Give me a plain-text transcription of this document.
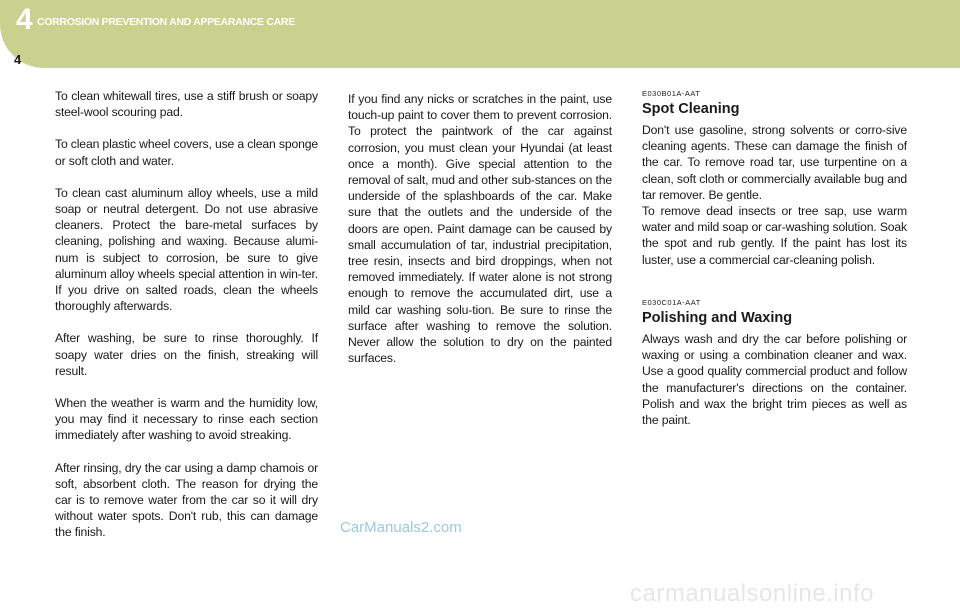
4 CORROSION PREVENTION AND APPEARANCE CARE
4

To clean whitewall tires, use a stiff brush or soapy steel-wool scouring pad.

To clean plastic wheel covers, use a clean sponge or soft cloth and water.

To clean cast aluminum alloy wheels, use a mild soap or neutral detergent. Do not use abrasive cleaners. Protect the bare-metal surfaces by cleaning, polishing and waxing. Because alumi-num is subject to corrosion, be sure to give aluminum alloy wheels special attention in win-ter. If you drive on salted roads, clean the wheels thoroughly afterwards.

After washing, be sure to rinse thoroughly. If soapy water dries on the finish, streaking will result.

When the weather is warm and the humidity low, you may find it necessary to rinse each section immediately after washing to avoid streaking.

After rinsing, dry the car using a damp chamois or soft, absorbent cloth. The reason for drying the car is to remove water from the car so it will dry without water spots. Don't rub, this can damage the finish.

If you find any nicks or scratches in the paint, use touch-up paint to cover them to prevent corrosion. To protect the paintwork of the car against corrosion, you must clean your Hyundai (at least once a month). Give special attention to the removal of salt, mud and other sub-stances on the underside of the splashboards of the car. Make sure that the outlets and the underside of the doors are open. Paint damage can be caused by small accumulation of tar, industrial precipitation, tree resin, insects and bird droppings, when not removed immediately. If water alone is not strong enough to remove the accumulated dirt, use a mild car washing solu-tion. Be sure to rinse the surface after washing to remove the solution. Never allow the solution to dry on the painted surfaces.

E030B01A-AAT

Spot Cleaning

Don't use gasoline, strong solvents or corro-sive cleaning agents. These can damage the finish of the car. To remove road tar, use turpentine on a clean, soft cloth or commercially available bug and tar remover. Be gentle.

To remove dead insects or tree sap, use warm water and mild soap or car-washing solution. Soak the spot and rub gently. If the paint has lost its luster, use a commercial car-cleaning polish.

E030C01A-AAT

Polishing and Waxing

Always wash and dry the car before polishing or waxing or using a combination cleaner and wax. Use a good quality commercial product and follow the manufacturer's directions on the container. Polish and wax the bright trim pieces as well as the paint.

CarManuals2.com
carmanualsonline.info
